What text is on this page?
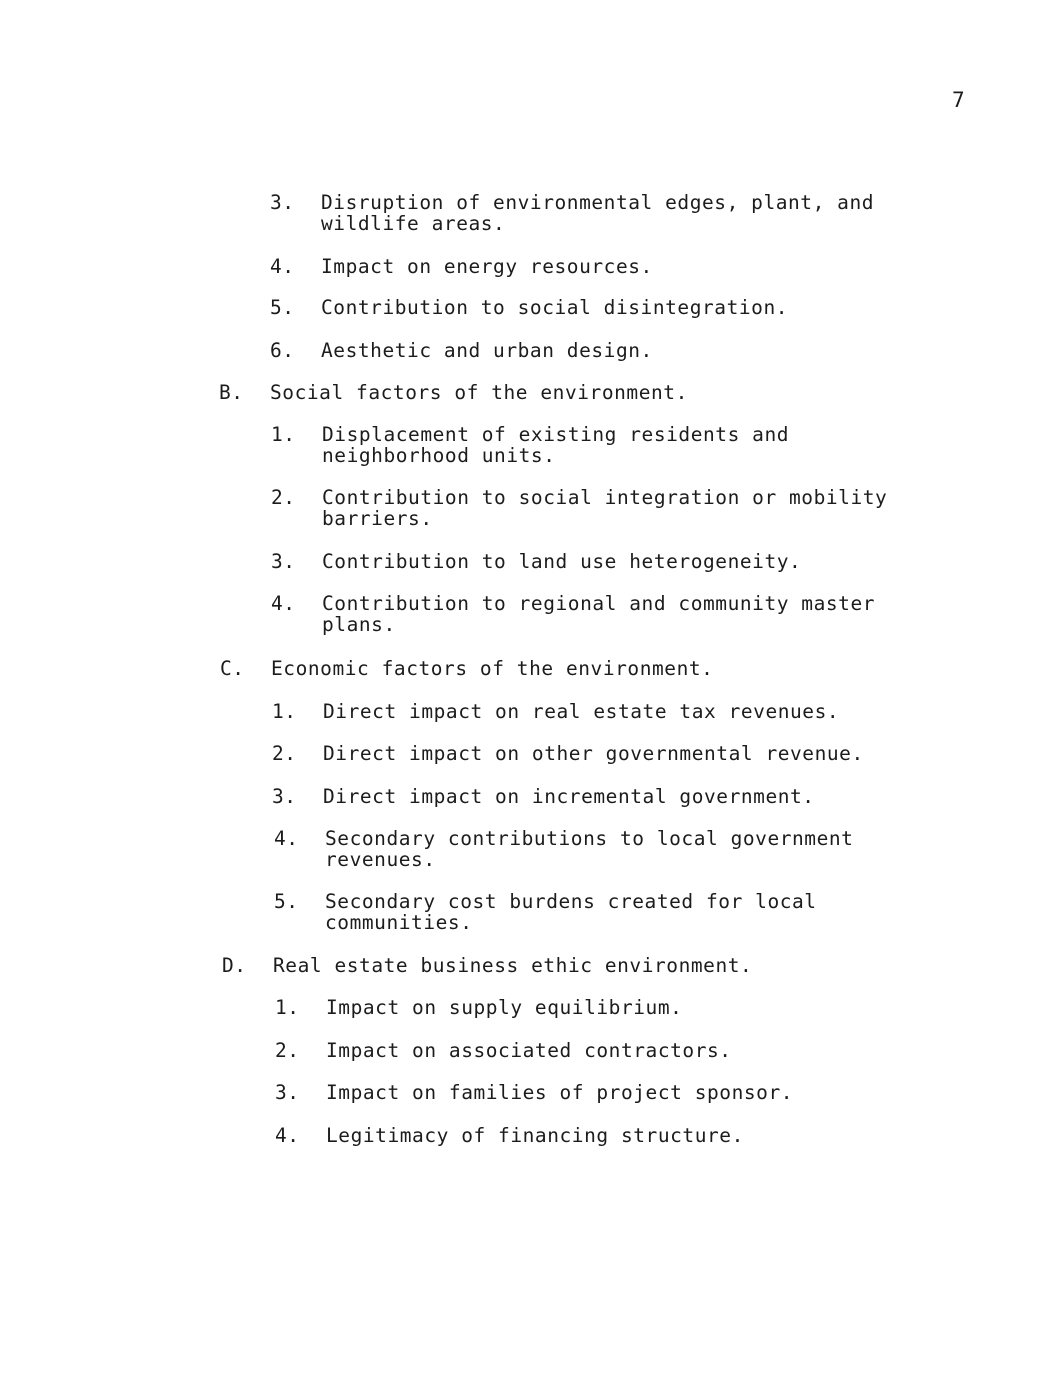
7
3. Disruption of environmental edges, plant, and
wildlife areas.
4. Impact on energy resources.
5. Contribution to social disintegration.
6. Aesthetic and urban design.
B. Social factors of the environment.
1. Displacement of existing residents and
neighborhood units.
2. Contribution to social integration or mobility
barriers.
3. Contribution to land use heterogeneity.
4. Contribution to regional and community master
plans.
C. Economic factors of the environment.
1. Direct impact on real estate tax revenues.
2. Direct impact on other governmental revenue.
3. Direct impact on incremental government.
4. Secondary contributions to local government
revenues.
5. Secondary cost burdens created for local
communities.
D. Real estate business ethic environment.
1. Impact on supply equilibrium.
2. Impact on associated contractors.
3. Impact on families of project sponsor.
4. Legitimacy of financing structure.
